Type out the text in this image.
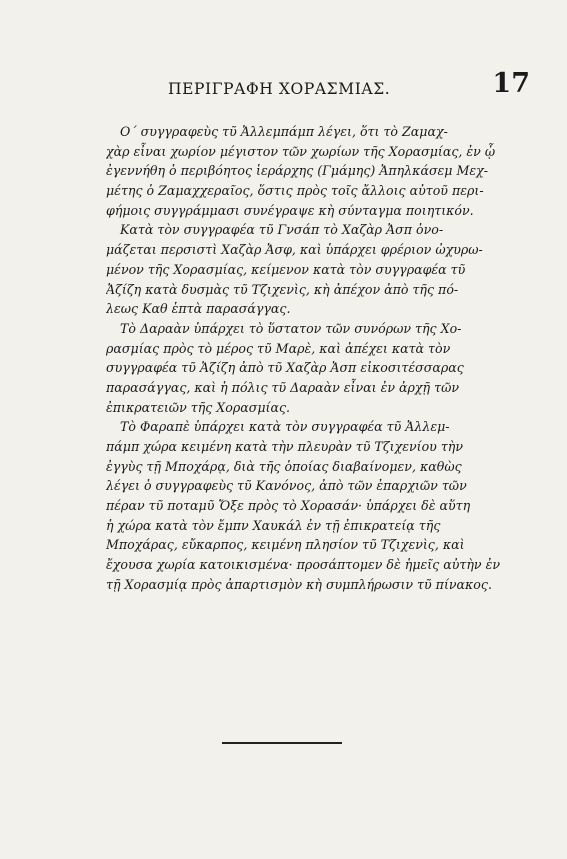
ΠΕΡΙΓΡΑΦΗ ΧΟΡΑΣΜΙΑΣ.	17
Ο΄ συγγραφεὺς τῦ Ἀλλεμπάμπ λέγει, ὅτι τὸ Ζαμαχ-
χὰρ εἶναι χωρίον μέγιστον τῶν χωρίων τῆς Χορασμίας, ἐν ᾧ
ἐγεννήθη ὁ περιβόητος ἱεράρχης (Γμάμης) Ἀπηλκάσεμ Μεχ-
μέτης ὁ Ζαμαχχεραῖος, ὅστις πρὸς τοῖς ἄλλοις αὐτοῦ περι-
φήμοις συγγράμμασι συνέγραψε κὴ σύνταγμα ποιητικόν.
Κατὰ τὸν συγγραφέα τῦ Γνσάπ τὸ Χαζὰρ Ἀσπ ὀνο-
μάζεται περσιστὶ Χαζὰρ Ἀσφ, καὶ ὑπάρχει φρέριον ὠχυρω-
μένον τῆς Χορασμίας, κείμενον κατὰ τὸν συγγραφέα τῦ
Ἀζίζη κατὰ δυσμὰς τῦ Τζιχενὶς, κὴ ἀπέχον ἀπὸ τῆς πό-
λεως Καθ ἑπτὰ παρασάγγας.
Τὸ Δαραὰν ὑπάρχει τὸ ὕστατον τῶν συνόρων τῆς Χο-
ρασμίας πρὸς τὸ μέρος τῦ Μαρὲ, καὶ ἀπέχει κατὰ τὸν
συγγραφέα τῦ Ἀζίζη ἀπὸ τῦ Χαζὰρ Ἀσπ εἰκοσιτέσσαρας
παρασάγγας, καὶ ἡ πόλις τῦ Δαραὰν εἶναι ἐν ἀρχῇ τῶν
ἐπικρατειῶν τῆς Χορασμίας.
Τὸ Φαραπὲ ὑπάρχει κατὰ τὸν συγγραφέα τῦ Ἀλλεμ-
πάμπ χώρα κειμένη κατὰ τὴν πλευρὰν τῦ Τζιχενίου τὴν
ἐγγὺς τῇ Μποχάρᾳ, διὰ τῆς ὁποίας διαβαίνομεν, καθὼς
λέγει ὁ συγγραφεὺς τῦ Κανόνος, ἀπὸ τῶν ἐπαρχιῶν τῶν
πέραν τῦ ποταμῦ Ὄξε πρὸς τὸ Χορασάν· ὑπάρχει δὲ αὕτη
ἡ χώρα κατὰ τὸν ἔμπν Χαυκάλ ἐν τῇ ἐπικρατείᾳ τῆς
Μποχάρας, εὔκαρπος, κειμένη πλησίον τῦ Τζιχενὶς, καὶ
ἔχουσα χωρία κατοικισμένα· προσάπτομεν δὲ ἡμεῖς αὐτὴν ἐν
τῇ Χορασμίᾳ πρὸς ἀπαρτισμὸν κὴ συμπλήρωσιν τῦ πίνακος.
